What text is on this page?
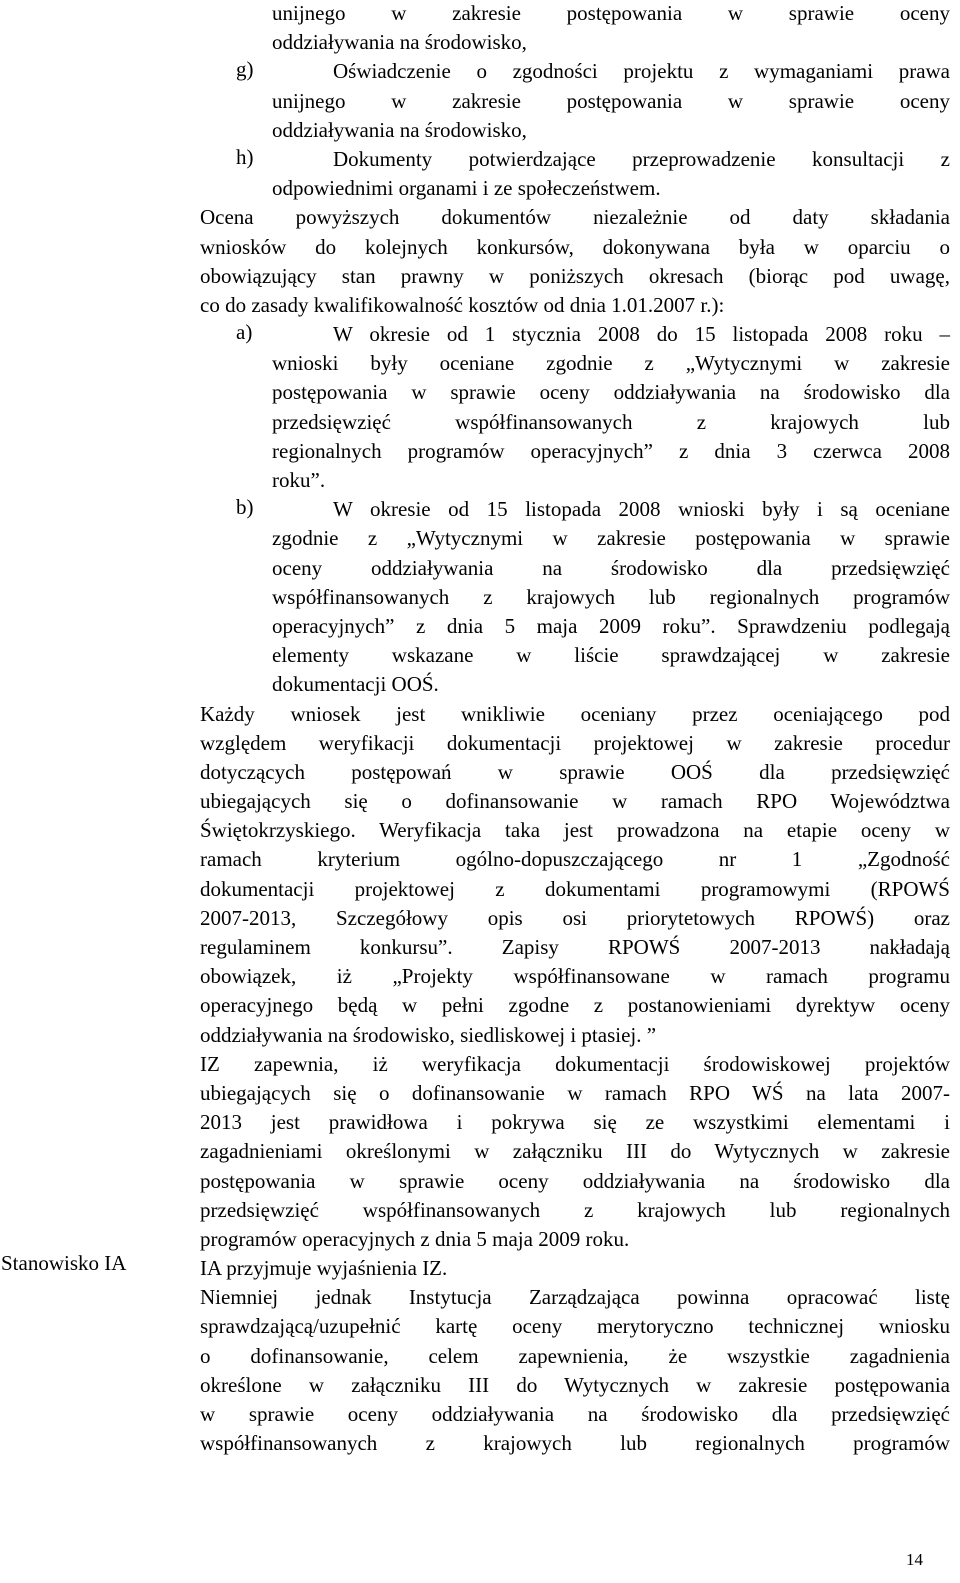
Stanowisko IA
unijnego w zakresie postępowania w sprawie oceny
oddziaływania na środowisko,
g)	Oświadczenie o zgodności projektu z wymaganiami prawa
unijnego w zakresie postępowania w sprawie oceny
oddziaływania na środowisko,
h)	Dokumenty potwierdzające przeprowadzenie konsultacji z
odpowiednimi organami i ze społeczeństwem.
Ocena powyższych dokumentów niezależnie od daty składania
wniosków do kolejnych konkursów, dokonywana była w oparciu o
obowiązujący stan prawny w poniższych okresach (biorąc pod uwagę,
co do zasady kwalifikowalność kosztów od dnia 1.01.2007 r.):
a)	W okresie od 1 stycznia 2008 do 15 listopada 2008 roku –
wnioski były oceniane zgodnie z „Wytycznymi w zakresie
postępowania w sprawie oceny oddziaływania na środowisko dla
przedsięwzięć współfinansowanych z krajowych lub
regionalnych programów operacyjnych” z dnia 3 czerwca 2008
roku”.
b)	W okresie od 15 listopada 2008 wnioski były i są oceniane
zgodnie z „Wytycznymi w zakresie postępowania w sprawie
oceny oddziaływania na środowisko dla przedsięwzięć
współfinansowanych z krajowych lub regionalnych programów
operacyjnych” z dnia 5 maja 2009 roku”. Sprawdzeniu podlegają
elementy wskazane w liście sprawdzającej w zakresie
dokumentacji OOŚ.
Każdy wniosek jest wnikliwie oceniany przez oceniającego pod
względem weryfikacji dokumentacji projektowej w zakresie procedur
dotyczących postępowań w sprawie OOŚ dla przedsięwzięć
ubiegających się o dofinansowanie w ramach RPO Województwa
Świętokrzyskiego. Weryfikacja taka jest prowadzona na etapie oceny w
ramach kryterium ogólno-dopuszczającego nr 1 „Zgodność
dokumentacji projektowej z dokumentami programowymi (RPOWŚ
2007-2013, Szczegółowy opis osi priorytetowych RPOWŚ) oraz
regulaminem konkursu”. Zapisy RPOWŚ 2007-2013 nakładają
obowiązek, iż „Projekty współfinansowane w ramach programu
operacyjnego będą w pełni zgodne z postanowieniami dyrektyw oceny
oddziaływania na środowisko, siedliskowej i ptasiej. ”
IZ zapewnia, iż weryfikacja dokumentacji środowiskowej projektów
ubiegających się o dofinansowanie w ramach RPO WŚ na lata 2007-
2013 jest prawidłowa i pokrywa się ze wszystkimi elementami i
zagadnieniami określonymi w załączniku III do Wytycznych w zakresie
postępowania w sprawie oceny oddziaływania na środowisko dla
przedsięwzięć współfinansowanych z krajowych lub regionalnych
programów operacyjnych z dnia 5 maja 2009 roku.
IA przyjmuje wyjaśnienia IZ.
Niemniej jednak Instytucja Zarządzająca powinna opracować listę
sprawdzającą/uzupełnić kartę oceny merytoryczno technicznej wniosku
o dofinansowanie, celem zapewnienia, że wszystkie zagadnienia
określone w załączniku III do Wytycznych w zakresie postępowania
w sprawie oceny oddziaływania na środowisko dla przedsięwzięć
współfinansowanych z krajowych lub regionalnych programów
14
